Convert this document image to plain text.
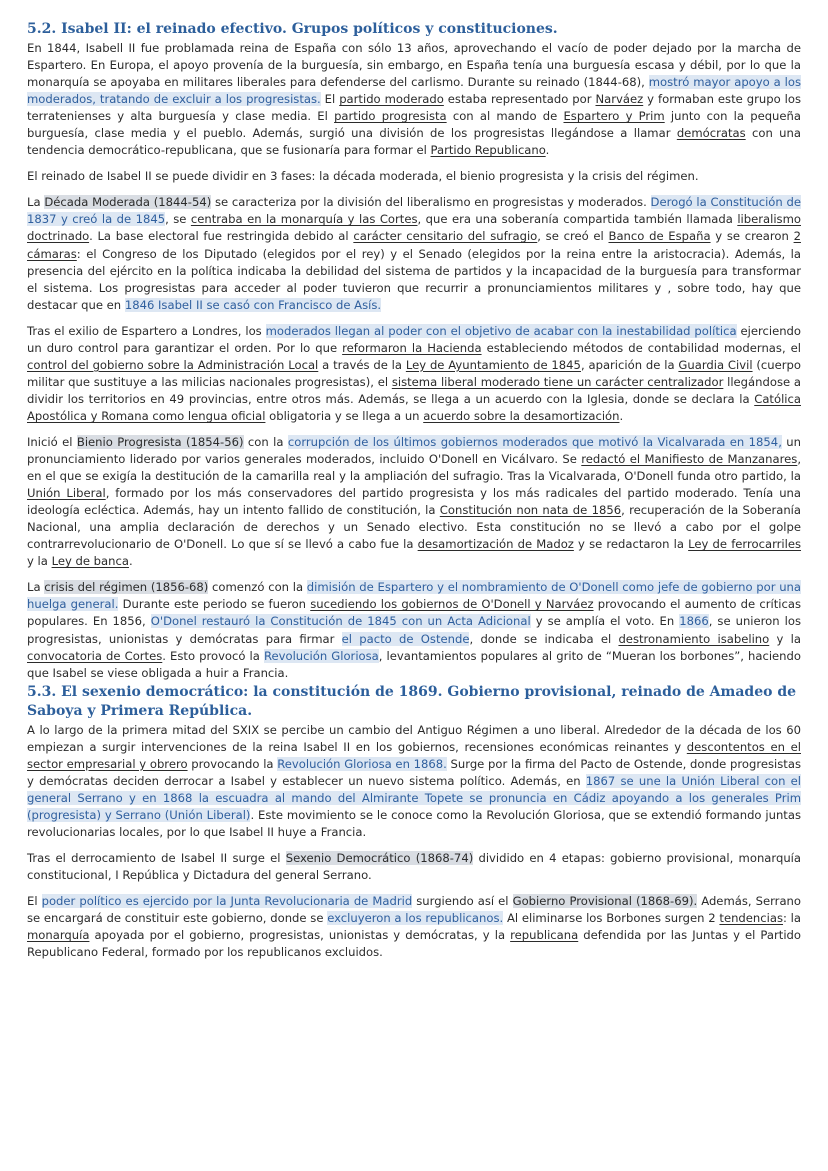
5.2. Isabel II: el reinado efectivo. Grupos políticos y constituciones.

En 1844, Isabell II fue problamada reina de España con sólo 13 años, aprovechando el vacío de poder dejado por la marcha de Espartero. En Europa, el apoyo provenía de la burguesía, sin embargo, en España tenía una burguesía escasa y débil, por lo que la monarquía se apoyaba en militares liberales para defenderse del carlismo. Durante su reinado (1844-68), mostró mayor apoyo a los moderados, tratando de excluir a los progresistas. El partido moderado estaba representado por Narváez y formaban este grupo los terratenienses y alta burguesía y clase media. El partido progresista con al mando de Espartero y Prim junto con la pequeña burguesía, clase media y el pueblo. Además, surgió una división de los progresistas llegándose a llamar demócratas con una tendencia democrático-republicana, que se fusionaría para formar el Partido Republicano.

El reinado de Isabel II se puede dividir en 3 fases: la década moderada, el bienio progresista y la crisis del régimen.

La Década Moderada (1844-54) se caracteriza por la división del liberalismo en progresistas y moderados. Derogó la Constitución de 1837 y creó la de 1845, se centraba en la monarquía y las Cortes, que era una soberanía compartida también llamada liberalismo doctrinado. La base electoral fue restringida debido al carácter censitario del sufragio, se creó el Banco de España y se crearon 2 cámaras: el Congreso de los Diputado (elegidos por el rey) y el Senado (elegidos por la reina entre la aristocracia). Además, la presencia del ejército en la política indicaba la debilidad del sistema de partidos y la incapacidad de la burguesía para transformar el sistema. Los progresistas para acceder al poder tuvieron que recurrir a pronunciamientos militares y , sobre todo, hay que destacar que en 1846 Isabel II se casó con Francisco de Asís.

Tras el exilio de Espartero a Londres, los moderados llegan al poder con el objetivo de acabar con la inestabilidad política ejerciendo un duro control para garantizar el orden. Por lo que reformaron la Hacienda estableciendo métodos de contabilidad modernas, el control del gobierno sobre la Administración Local a través de la Ley de Ayuntamiento de 1845, aparición de la Guardia Civil (cuerpo militar que sustituye a las milicias nacionales progresistas), el sistema liberal moderado tiene un carácter centralizador llegándose a dividir los territorios en 49 provincias, entre otros más. Además, se llega a un acuerdo con la Iglesia, donde se declara la Católica Apostólica y Romana como lengua oficial obligatoria y se llega a un acuerdo sobre la desamortización.

Inició el Bienio Progresista (1854-56) con la corrupción de los últimos gobiernos moderados que motivó la Vicalvarada en 1854, un pronunciamiento liderado por varios generales moderados, incluido O'Donell en Vicálvaro. Se redactó el Manifiesto de Manzanares, en el que se exigía la destitución de la camarilla real y la ampliación del sufragio. Tras la Vicalvarada, O'Donell funda otro partido, la Unión Liberal, formado por los más conservadores del partido progresista y los más radicales del partido moderado. Tenía una ideología ecléctica. Además, hay un intento fallido de constitución, la Constitución non nata de 1856, recuperación de la Soberanía Nacional, una amplia declaración de derechos y un Senado electivo. Esta constitución no se llevó a cabo por el golpe contrarrevolucionario de O'Donell. Lo que sí se llevó a cabo fue la desamortización de Madoz y se redactaron la Ley de ferrocarriles y la Ley de banca.

La crisis del régimen (1856-68) comenzó con la dimisión de Espartero y el nombramiento de O'Donell como jefe de gobierno por una huelga general. Durante este periodo se fueron sucediendo los gobiernos de O'Donell y Narváez provocando el aumento de críticas populares. En 1856, O'Donel restauró la Constitución de 1845 con un Acta Adicional y se amplía el voto. En 1866, se unieron los progresistas, unionistas y demócratas para firmar el pacto de Ostende, donde se indicaba el destronamiento isabelino y la convocatoria de Cortes. Esto provocó la Revolución Gloriosa, levantamientos populares al grito de “Mueran los borbones”, haciendo que Isabel se viese obligada a huir a Francia.

5.3. El sexenio democrático: la constitución de 1869. Gobierno provisional, reinado de Amadeo de Saboya y Primera República.

A lo largo de la primera mitad del SXIX se percibe un cambio del Antiguo Régimen a uno liberal. Alrededor de la década de los 60 empiezan a surgir intervenciones de la reina Isabel II en los gobiernos, recensiones económicas reinantes y descontentos en el sector empresarial y obrero provocando la Revolución Gloriosa en 1868. Surge por la firma del Pacto de Ostende, donde progresistas y demócratas deciden derrocar a Isabel y establecer un nuevo sistema político. Además, en 1867 se une la Unión Liberal con el general Serrano y en 1868 la escuadra al mando del Almirante Topete se pronuncia en Cádiz apoyando a los generales Prim (progresista) y Serrano (Unión Liberal). Este movimiento se le conoce como la Revolución Gloriosa, que se extendió formando juntas revolucionarias locales, por lo que Isabel II huye a Francia.

Tras el derrocamiento de Isabel II surge el Sexenio Democrático (1868-74) dividido en 4 etapas: gobierno provisional, monarquía constitucional, I República y Dictadura del general Serrano.

El poder político es ejercido por la Junta Revolucionaria de Madrid surgiendo así el Gobierno Provisional (1868-69). Además, Serrano se encargará de constituir este gobierno, donde se excluyeron a los republicanos. Al eliminarse los Borbones surgen 2 tendencias: la monarquía apoyada por el gobierno, progresistas, unionistas y demócratas, y la republicana defendida por las Juntas y el Partido Republicano Federal, formado por los republicanos excluidos.
